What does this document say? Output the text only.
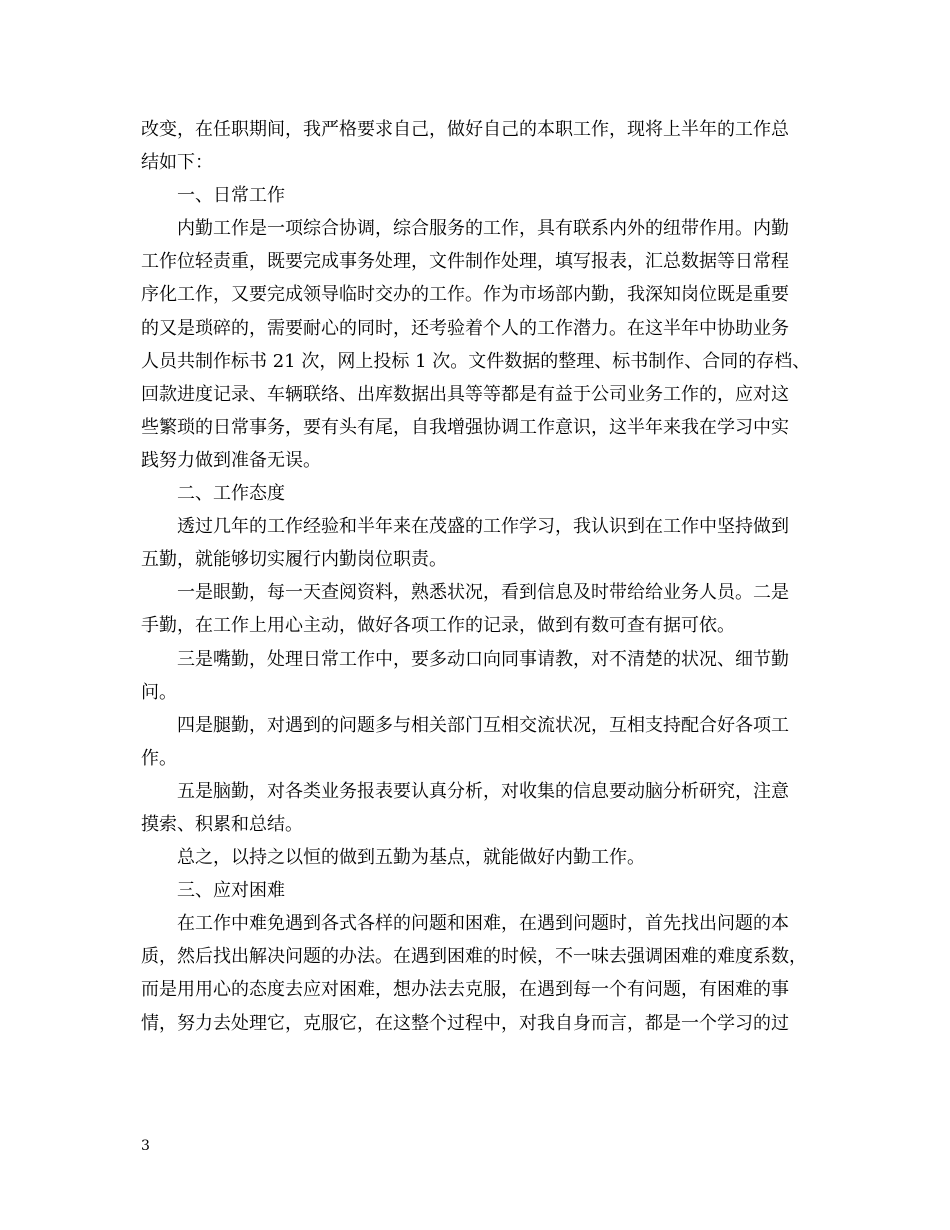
改变，在任职期间，我严格要求自己，做好自己的本职工作，现将上半年的工作总
结如下：
一、日常工作
内勤工作是一项综合协调，综合服务的工作，具有联系内外的纽带作用。内勤
工作位轻责重，既要完成事务处理，文件制作处理，填写报表，汇总数据等日常程
序化工作，又要完成领导临时交办的工作。作为市场部内勤，我深知岗位既是重要
的又是琐碎的，需要耐心的同时，还考验着个人的工作潜力。在这半年中协助业务
人员共制作标书 21 次，网上投标 1 次。文件数据的整理、标书制作、合同的存档、
回款进度记录、车辆联络、出库数据出具等等都是有益于公司业务工作的，应对这
些繁琐的日常事务，要有头有尾，自我增强协调工作意识，这半年来我在学习中实
践努力做到准备无误。
二、工作态度
透过几年的工作经验和半年来在茂盛的工作学习，我认识到在工作中坚持做到
五勤，就能够切实履行内勤岗位职责。
一是眼勤，每一天查阅资料，熟悉状况，看到信息及时带给给业务人员。二是
手勤，在工作上用心主动，做好各项工作的记录，做到有数可查有据可依。
三是嘴勤，处理日常工作中，要多动口向同事请教，对不清楚的状况、细节勤
问。
四是腿勤，对遇到的问题多与相关部门互相交流状况，互相支持配合好各项工
作。
五是脑勤，对各类业务报表要认真分析，对收集的信息要动脑分析研究，注意
摸索、积累和总结。
总之，以持之以恒的做到五勤为基点，就能做好内勤工作。
三、应对困难
在工作中难免遇到各式各样的问题和困难，在遇到问题时，首先找出问题的本
质，然后找出解决问题的办法。在遇到困难的时候，不一味去强调困难的难度系数，
而是用用心的态度去应对困难，想办法去克服，在遇到每一个有问题，有困难的事
情，努力去处理它，克服它，在这整个过程中，对我自身而言，都是一个学习的过
3
